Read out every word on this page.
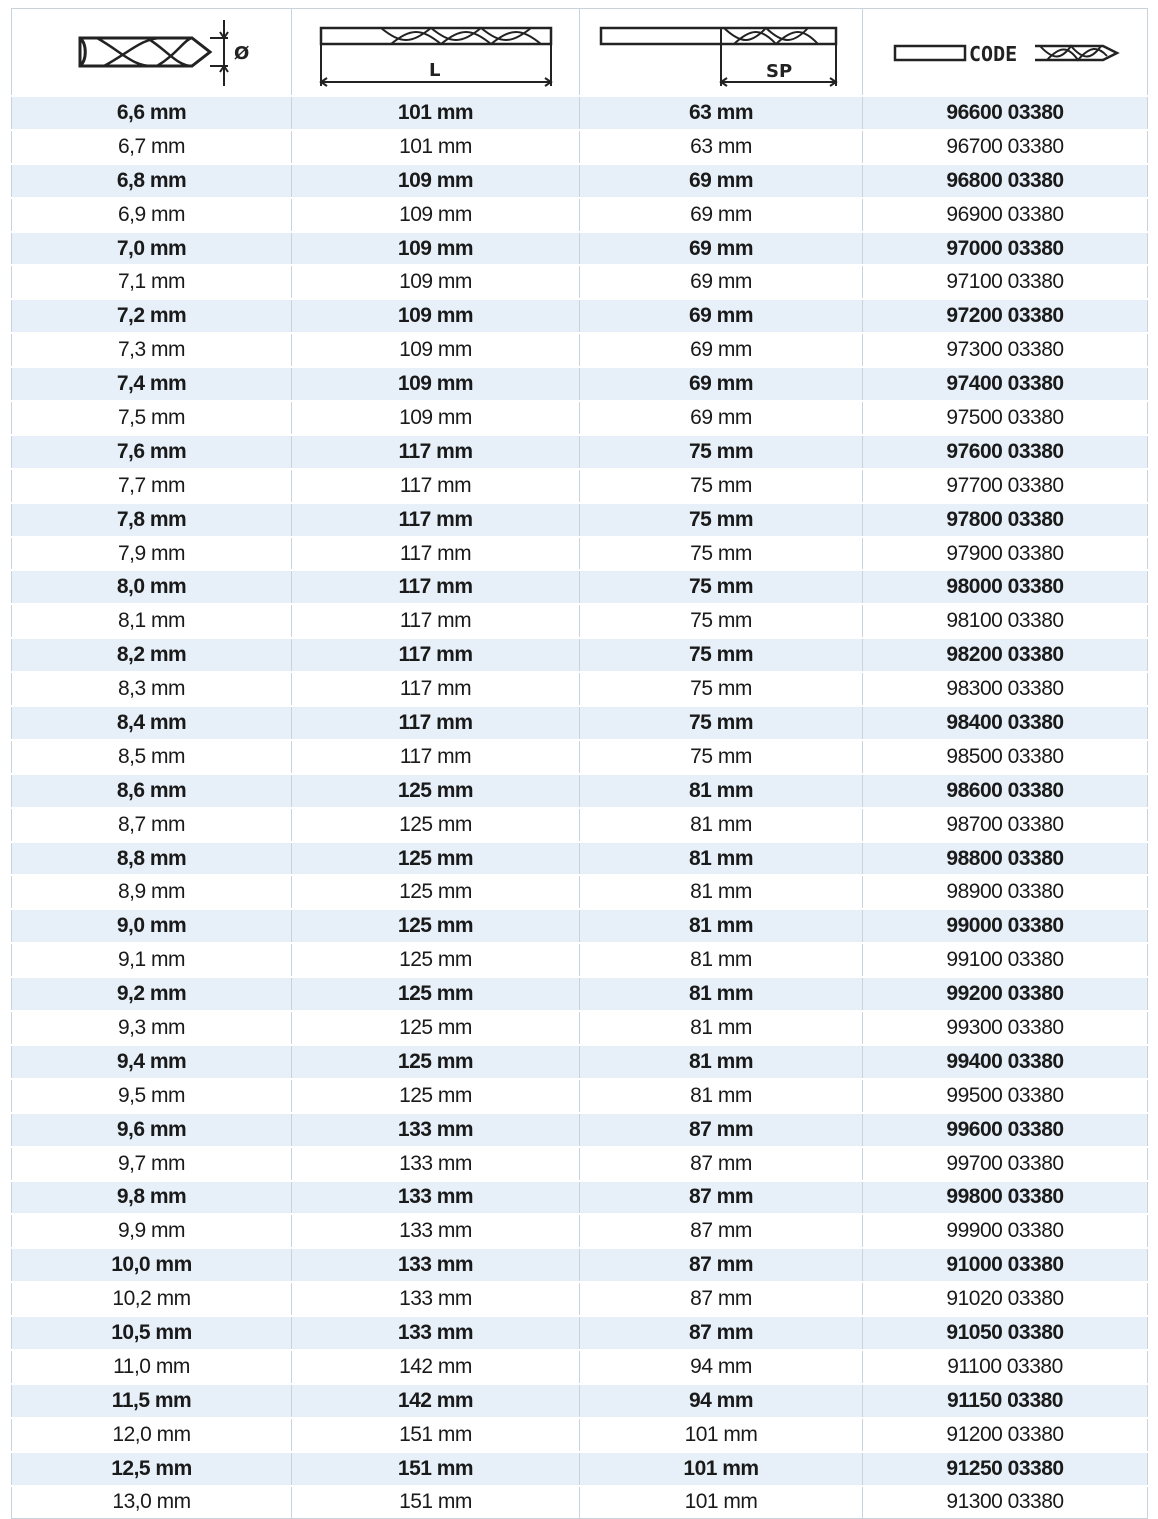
Ø	L	SP	CODE

6,6 mm	101 mm	63 mm	96600 03380
6,7 mm	101 mm	63 mm	96700 03380
6,8 mm	109 mm	69 mm	96800 03380
6,9 mm	109 mm	69 mm	96900 03380
7,0 mm	109 mm	69 mm	97000 03380
7,1 mm	109 mm	69 mm	97100 03380
7,2 mm	109 mm	69 mm	97200 03380
7,3 mm	109 mm	69 mm	97300 03380
7,4 mm	109 mm	69 mm	97400 03380
7,5 mm	109 mm	69 mm	97500 03380
7,6 mm	117 mm	75 mm	97600 03380
7,7 mm	117 mm	75 mm	97700 03380
7,8 mm	117 mm	75 mm	97800 03380
7,9 mm	117 mm	75 mm	97900 03380
8,0 mm	117 mm	75 mm	98000 03380
8,1 mm	117 mm	75 mm	98100 03380
8,2 mm	117 mm	75 mm	98200 03380
8,3 mm	117 mm	75 mm	98300 03380
8,4 mm	117 mm	75 mm	98400 03380
8,5 mm	117 mm	75 mm	98500 03380
8,6 mm	125 mm	81 mm	98600 03380
8,7 mm	125 mm	81 mm	98700 03380
8,8 mm	125 mm	81 mm	98800 03380
8,9 mm	125 mm	81 mm	98900 03380
9,0 mm	125 mm	81 mm	99000 03380
9,1 mm	125 mm	81 mm	99100 03380
9,2 mm	125 mm	81 mm	99200 03380
9,3 mm	125 mm	81 mm	99300 03380
9,4 mm	125 mm	81 mm	99400 03380
9,5 mm	125 mm	81 mm	99500 03380
9,6 mm	133 mm	87 mm	99600 03380
9,7 mm	133 mm	87 mm	99700 03380
9,8 mm	133 mm	87 mm	99800 03380
9,9 mm	133 mm	87 mm	99900 03380
10,0 mm	133 mm	87 mm	91000 03380
10,2 mm	133 mm	87 mm	91020 03380
10,5 mm	133 mm	87 mm	91050 03380
11,0 mm	142 mm	94 mm	91100 03380
11,5 mm	142 mm	94 mm	91150 03380
12,0 mm	151 mm	101 mm	91200 03380
12,5 mm	151 mm	101 mm	91250 03380
13,0 mm	151 mm	101 mm	91300 03380
